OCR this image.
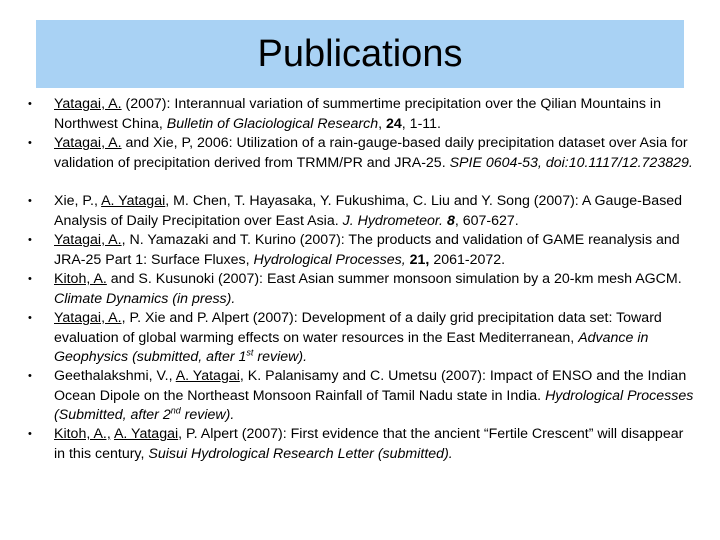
Publications
• Yatagai, A. (2007): Interannual variation of summertime precipitation over the Qilian Mountains in Northwest China, Bulletin of Glaciological Research, 24, 1-11.
• Yatagai, A. and Xie, P, 2006: Utilization of a rain-gauge-based daily precipitation dataset over Asia for validation of precipitation derived from TRMM/PR and JRA-25. SPIE 0604-53, doi:10.1117/12.723829.
• Xie, P., A. Yatagai, M. Chen, T. Hayasaka, Y. Fukushima, C. Liu and Y. Song (2007): A Gauge-Based Analysis of Daily Precipitation over East Asia. J. Hydrometeor. 8, 607-627.
• Yatagai, A., N. Yamazaki and T. Kurino (2007): The products and validation of GAME reanalysis and JRA-25 Part 1: Surface Fluxes, Hydrological Processes, 21, 2061-2072.
• Kitoh, A. and S. Kusunoki (2007): East Asian summer monsoon simulation by a 20-km mesh AGCM. Climate Dynamics (in press).
• Yatagai, A., P. Xie and P. Alpert (2007): Development of a daily grid precipitation data set: Toward evaluation of global warming effects on water resources in the East Mediterranean, Advance in Geophysics (submitted, after 1st review).
• Geethalakshmi, V., A. Yatagai, K. Palanisamy and C. Umetsu (2007): Impact of ENSO and the Indian Ocean Dipole on the Northeast Monsoon Rainfall of Tamil Nadu state in India. Hydrological Processes (Submitted, after 2nd review).
• Kitoh, A., A. Yatagai, P. Alpert (2007): First evidence that the ancient “Fertile Crescent” will disappear in this century, Suisui Hydrological Research Letter (submitted).
